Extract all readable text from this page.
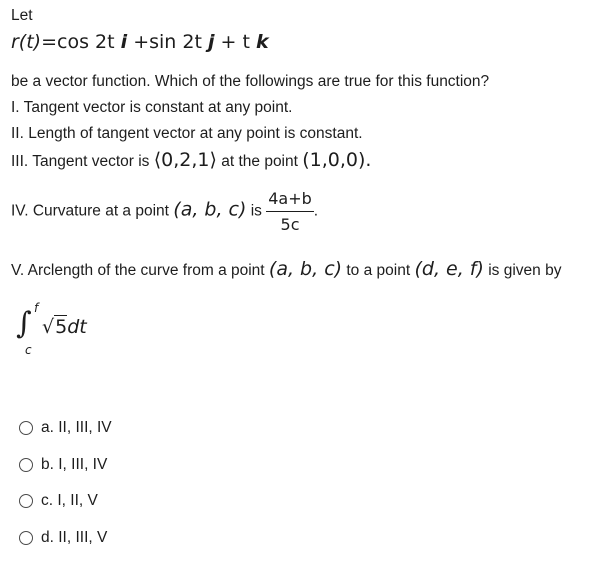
Let
r(t)=cos 2t i +sin 2t j + t k
be a vector function. Which of the followings are true for this function?
I. Tangent vector is constant at any point.
II. Length of tangent vector at any point is constant.
III. Tangent vector is ⟨0,2,1⟩ at the point (1,0,0).
IV. Curvature at a point (a, b, c) is $\frac{4a+b}{5c}$ .
V. Arclength of the curve from a point (a, b, c) to a point (d, e, f) is given by
∫ f
c
√5dt
a. II, III, IV
b. I, III, IV
c. I, II, V
d. II, III, V
